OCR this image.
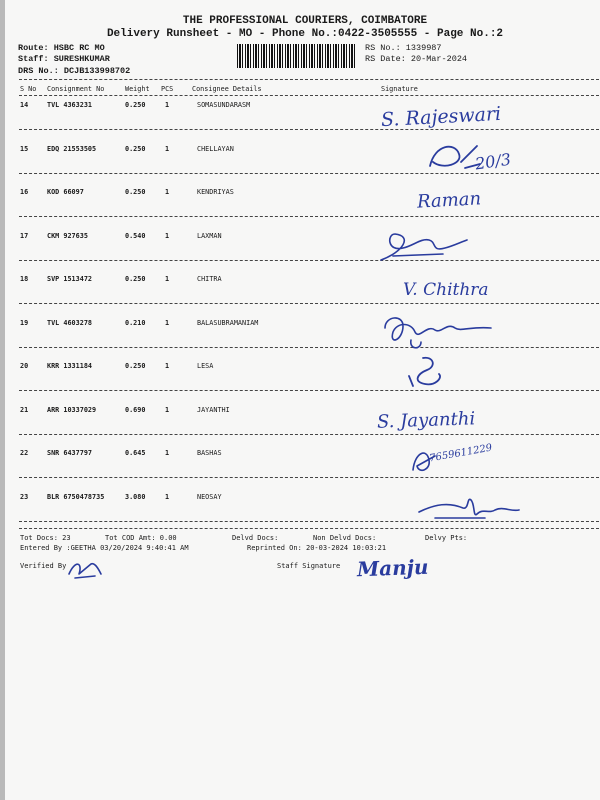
THE PROFESSIONAL COURIERS, COIMBATORE
Delivery Runsheet - MO - Phone No.:0422-3505555 - Page No.:2
Route: HSBC RC MO
Staff: SURESHKUMAR
DRS No.: DCJB133998702
RS No.: 1339987
RS Date: 20-Mar-2024
S No Consignment No	Weight PCS	Consignee Details	Signature
14	TVL 4363231	0.250	1	SOMASUNDARASM
15	EDQ 21553505	0.250	1	CHELLAYAN
16	KOD 66097	0.250	1	KENDRIYAS
17	CKM 927635	0.540	1	LAXMAN
18	SVP 1513472	0.250	1	CHITRA
19	TVL 4603278	0.210	1	BALASUBRAMANIAM
20	KRR 1331184	0.250	1	LESA
21	ARR 10337029	0.690	1	JAYANTHI
22	SNR 6437797	0.645	1	BASHAS
23	BLR 6750478735	3.080	1	NEOSAY
S. Rajeswari
20/3
Raman
V. Chithra
S. Jayanthi
7659611229
Tot Docs: 23	Tot COD Amt: 0.00	Delvd Docs:	Non Delvd Docs:	Delvy Pts:
Entered By :GEETHA 03/20/2024 9:40:41 AM	Reprinted On: 20-03-2024 10:03:21
Verified By	Staff Signature Manju
